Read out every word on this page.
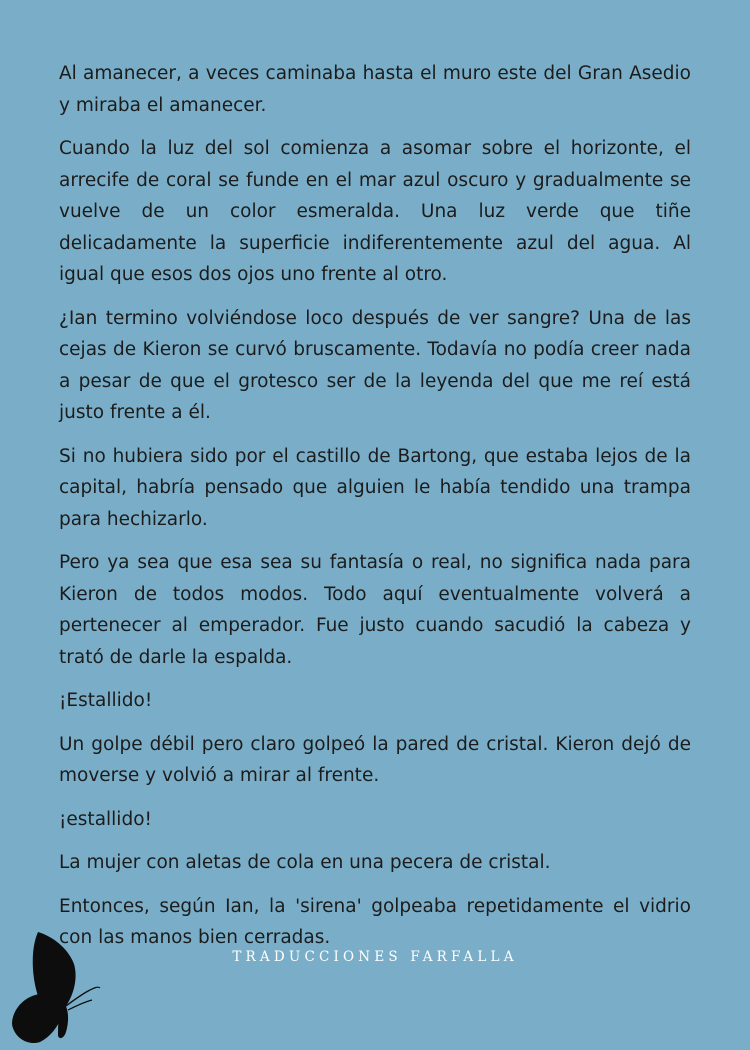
Al amanecer, a veces caminaba hasta el muro este del Gran Asedio y miraba el amanecer.

Cuando la luz del sol comienza a asomar sobre el horizonte, el arrecife de coral se funde en el mar azul oscuro y gradualmente se vuelve de un color esmeralda. Una luz verde que tiñe delicadamente la superficie indiferentemente azul del agua. Al igual que esos dos ojos uno frente al otro.

¿Ian termino volviéndose loco después de ver sangre? Una de las cejas de Kieron se curvó bruscamente. Todavía no podía creer nada a pesar de que el grotesco ser de la leyenda del que me reí está justo frente a él.

Si no hubiera sido por el castillo de Bartong, que estaba lejos de la capital, habría pensado que alguien le había tendido una trampa para hechizarlo.

Pero ya sea que esa sea su fantasía o real, no significa nada para Kieron de todos modos. Todo aquí eventualmente volverá a pertenecer al emperador. Fue justo cuando sacudió la cabeza y trató de darle la espalda.

¡Estallido!

Un golpe débil pero claro golpeó la pared de cristal. Kieron dejó de moverse y volvió a mirar al frente.

¡estallido!

La mujer con aletas de cola en una pecera de cristal.

Entonces, según Ian, la 'sirena' golpeaba repetidamente el vidrio con las manos bien cerradas.

TRADUCCIONES FARFALLA
